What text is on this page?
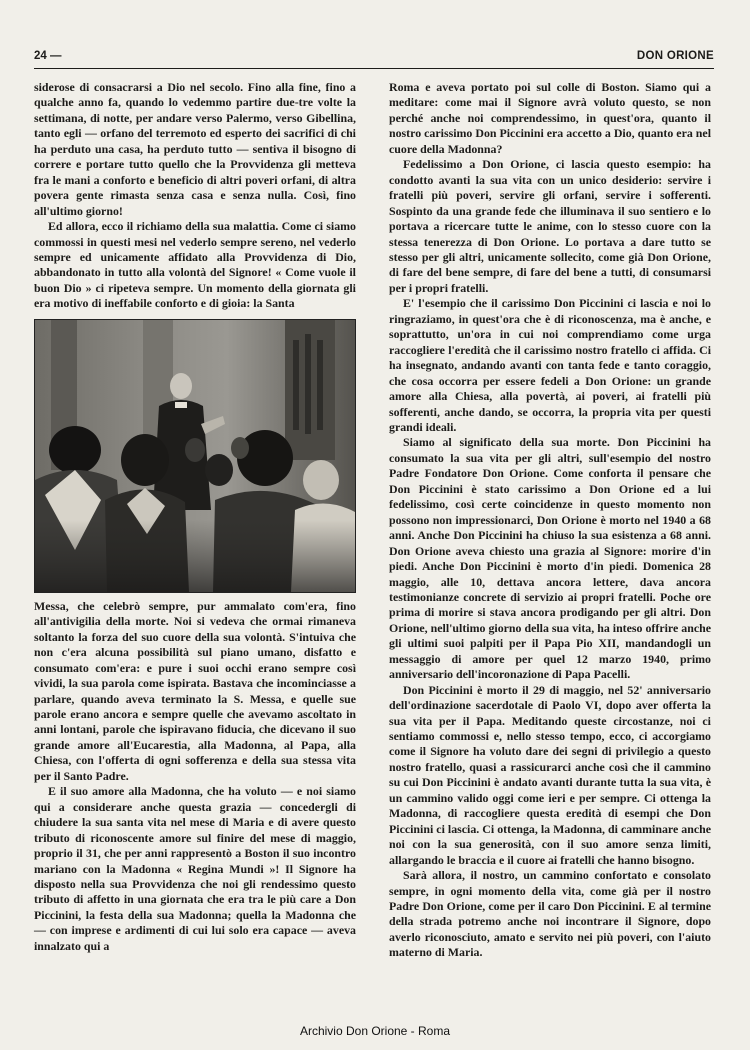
24 —	DON ORIONE

siderose di consacrarsi a Dio nel secolo. Fino alla fine, fino a qualche anno fa, quando lo vedemmo partire due-tre volte la settimana, di notte, per andare verso Palermo, verso Gibellina, tanto egli — orfano del terremoto ed esperto dei sacrifici di chi ha perduto una casa, ha perduto tutto — sentiva il bisogno di correre e portare tutto quello che la Provvidenza gli metteva fra le mani a conforto e beneficio di altri poveri orfani, di altra povera gente rimasta senza casa e senza nulla. Così, fino all'ultimo giorno!

Ed allora, ecco il richiamo della sua malattia. Come ci siamo commossi in questi mesi nel vederlo sempre sereno, nel vederlo sempre ed unicamente affidato alla Provvidenza di Dio, abbandonato in tutto alla volontà del Signore! « Come vuole il buon Dio » ci ripeteva sempre. Un momento della giornata gli era motivo di ineffabile conforto e di gioia: la Santa

Messa, che celebrò sempre, pur ammalato com'era, fino all'antivigilia della morte. Noi si vedeva che ormai rimaneva soltanto la forza del suo cuore della sua volontà. S'intuiva che non c'era alcuna possibilità sul piano umano, disfatto e consumato com'era: e pure i suoi occhi erano sempre così vividi, la sua parola come ispirata. Bastava che incominciasse a parlare, quando aveva terminato la S. Messa, e quelle sue parole erano ancora e sempre quelle che avevamo ascoltato in anni lontani, parole che ispiravano fiducia, che dicevano il suo grande amore all'Eucarestia, alla Madonna, al Papa, alla Chiesa, con l'offerta di ogni sofferenza e della sua stessa vita per il Santo Padre.

E il suo amore alla Madonna, che ha voluto — e noi siamo qui a considerare anche questa grazia — concedergli di chiudere la sua santa vita nel mese di Maria e di avere questo tributo di riconoscente amore sul finire del mese di maggio, proprio il 31, che per anni rappresentò a Boston il suo incontro mariano con la Madonna « Regina Mundi »! Il Signore ha disposto nella sua Provvidenza che noi gli rendessimo questo tributo di affetto in una giornata che era tra le più care a Don Piccinini, la festa della sua Madonna; quella la Madonna che — con imprese e ardimenti di cui lui solo era capace — aveva innalzato qui a

Roma e aveva portato poi sul colle di Boston. Siamo qui a meditare: come mai il Signore avrà voluto questo, se non perché anche noi comprendessimo, in quest'ora, quanto il nostro carissimo Don Piccinini era accetto a Dio, quanto era nel cuore della Madonna?

Fedelissimo a Don Orione, ci lascia questo esempio: ha condotto avanti la sua vita con un unico desiderio: servire i fratelli più poveri, servire gli orfani, servire i sofferenti. Sospinto da una grande fede che illuminava il suo sentiero e lo portava a ricercare tutte le anime, con lo stesso cuore con la stessa tenerezza di Don Orione. Lo portava a dare tutto se stesso per gli altri, unicamente sollecito, come già Don Orione, di fare del bene sempre, di fare del bene a tutti, di consumarsi per i propri fratelli.

E' l'esempio che il carissimo Don Piccinini ci lascia e noi lo ringraziamo, in quest'ora che è di riconoscenza, ma è anche, e soprattutto, un'ora in cui noi comprendiamo come urga raccogliere l'eredità che il carissimo nostro fratello ci affida. Ci ha insegnato, andando avanti con tanta fede e tanto coraggio, che cosa occorra per essere fedeli a Don Orione: un grande amore alla Chiesa, alla povertà, ai poveri, ai fratelli più sofferenti, anche dando, se occorra, la propria vita per questi grandi ideali.

Siamo al significato della sua morte. Don Piccinini ha consumato la sua vita per gli altri, sull'esempio del nostro Padre Fondatore Don Orione. Come conforta il pensare che Don Piccinini è stato carissimo a Don Orione ed a lui fedelissimo, così certe coincidenze in questo momento non possono non impressionarci, Don Orione è morto nel 1940 a 68 anni. Anche Don Piccinini ha chiuso la sua esistenza a 68 anni. Don Orione aveva chiesto una grazia al Signore: morire d'in piedi. Anche Don Piccinini è morto d'in piedi. Domenica 28 maggio, alle 10, dettava ancora lettere, dava ancora testimonianze concrete di servizio ai propri fratelli. Poche ore prima di morire si stava ancora prodigando per gli altri. Don Orione, nell'ultimo giorno della sua vita, ha inteso offrire anche gli ultimi suoi palpiti per il Papa Pio XII, mandandogli un messaggio di amore per quel 12 marzo 1940, primo anniversario dell'incoronazione di Papa Pacelli.

Don Piccinini è morto il 29 di maggio, nel 52' anniversario dell'ordinazione sacerdotale di Paolo VI, dopo aver offerta la sua vita per il Papa. Meditando queste circostanze, noi ci sentiamo commossi e, nello stesso tempo, ecco, ci accorgiamo come il Signore ha voluto dare dei segni di privilegio a questo nostro fratello, quasi a rassicurarci anche così che il cammino su cui Don Piccinini è andato avanti durante tutta la sua vita, è un cammino valido oggi come ieri e per sempre. Ci ottenga la Madonna, di raccogliere questa eredità di esempi che Don Piccinini ci lascia. Ci ottenga, la Madonna, di camminare anche noi con la sua generosità, con il suo amore senza limiti, allargando le braccia e il cuore ai fratelli che hanno bisogno.

Sarà allora, il nostro, un cammino confortato e consolato sempre, in ogni momento della vita, come già per il nostro Padre Don Orione, come per il caro Don Piccinini. E al termine della strada potremo anche noi incontrare il Signore, dopo averlo riconosciuto, amato e servito nei più poveri, con l'aiuto materno di Maria.

Archivio Don Orione - Roma
